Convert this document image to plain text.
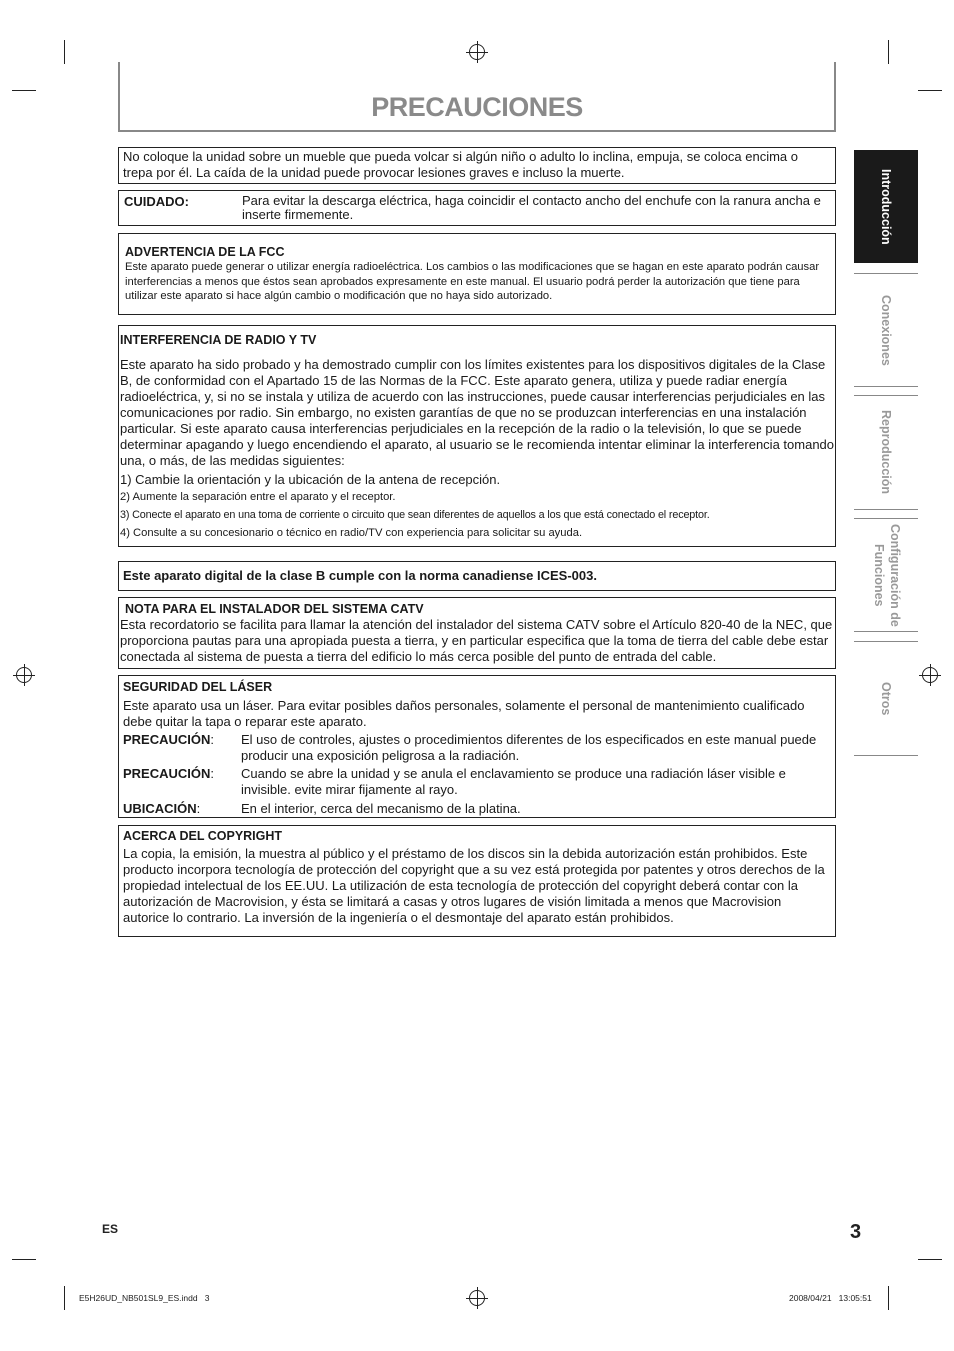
PRECAUCIONES
No coloque la unidad sobre un mueble que pueda volcar si algún niño o adulto lo inclina, empuja, se coloca encima o trepa por él. La caída de la unidad puede provocar lesiones graves e incluso la muerte.
CUIDADO:	Para evitar la descarga eléctrica, haga coincidir el contacto ancho del enchufe con la ranura ancha e inserte firmemente.
ADVERTENCIA DE LA FCC
Este aparato puede generar o utilizar energía radioeléctrica. Los cambios o las modificaciones que se hagan en este aparato podrán causar interferencias a menos que éstos sean aprobados expresamente en este manual. El usuario podrá perder la autorización que tiene para utilizar este aparato si hace algún cambio o modificación que no haya sido autorizado.
INTERFERENCIA DE RADIO Y TV
Este aparato ha sido probado y ha demostrado cumplir con los límites existentes para los dispositivos digitales de la Clase B, de conformidad con el Apartado 15 de las Normas de la FCC. Este aparato genera, utiliza y puede radiar energía radioeléctrica, y, si no se instala y utiliza de acuerdo con las instrucciones, puede causar interferencias perjudiciales en las comunicaciones por radio. Sin embargo, no existen garantías de que no se produzcan interferencias en una instalación particular. Si este aparato causa interferencias perjudiciales en la recepción de la radio o la televisión, lo que se puede determinar apagando y luego encendiendo el aparato, al usuario se le recomienda intentar eliminar la interferencia tomando una, o más, de las medidas siguientes:
1) Cambie la orientación y la ubicación de la antena de recepción.
2) Aumente la separación entre el aparato y el receptor.
3) Conecte el aparato en una toma de corriente o circuito que sean diferentes de aquellos a los que está conectado el receptor.
4) Consulte a su concesionario o técnico en radio/TV con experiencia para solicitar su ayuda.
Este aparato digital de la clase B cumple con la norma canadiense ICES-003.
NOTA PARA EL INSTALADOR DEL SISTEMA CATV
Esta recordatorio se facilita para llamar la atención del instalador del sistema CATV sobre el Artículo 820-40 de la NEC, que proporciona pautas para una apropiada puesta a tierra, y en particular especifica que la toma de tierra del cable debe estar conectada al sistema de puesta a tierra del edificio lo más cerca posible del punto de entrada del cable.
SEGURIDAD DEL LÁSER
Este aparato usa un láser. Para evitar posibles daños personales, solamente el personal de mantenimiento cualificado debe quitar la tapa o reparar este aparato.
PRECAUCIÓN:	El uso de controles, ajustes o procedimientos diferentes de los especificados en este manual puede producir una exposición peligrosa a la radiación.
PRECAUCIÓN:	Cuando se abre la unidad y se anula el enclavamiento se produce una radiación láser visible e invisible. evite mirar fijamente al rayo.
UBICACIÓN:	En el interior, cerca del mecanismo de la platina.
ACERCA DEL COPYRIGHT
La copia, la emisión, la muestra al público y el préstamo de los discos sin la debida autorización están prohibidos. Este producto incorpora tecnología de protección del copyright que a su vez está protegida por patentes y otros derechos de la propiedad intelectual de los EE.UU. La utilización de esta tecnología de protección del copyright deberá contar con la autorización de Macrovision, y ésta se limitará a casas y otros lugares de visión limitada a menos que Macrovision autorice lo contrario. La inversión de la ingeniería o el desmontaje del aparato están prohibidos.
Introducción
Conexiones
Reproducción
Configuración de Funciones
Otros
ES	3
E5H26UD_NB501SL9_ES.indd   3	2008/04/21   13:05:51
